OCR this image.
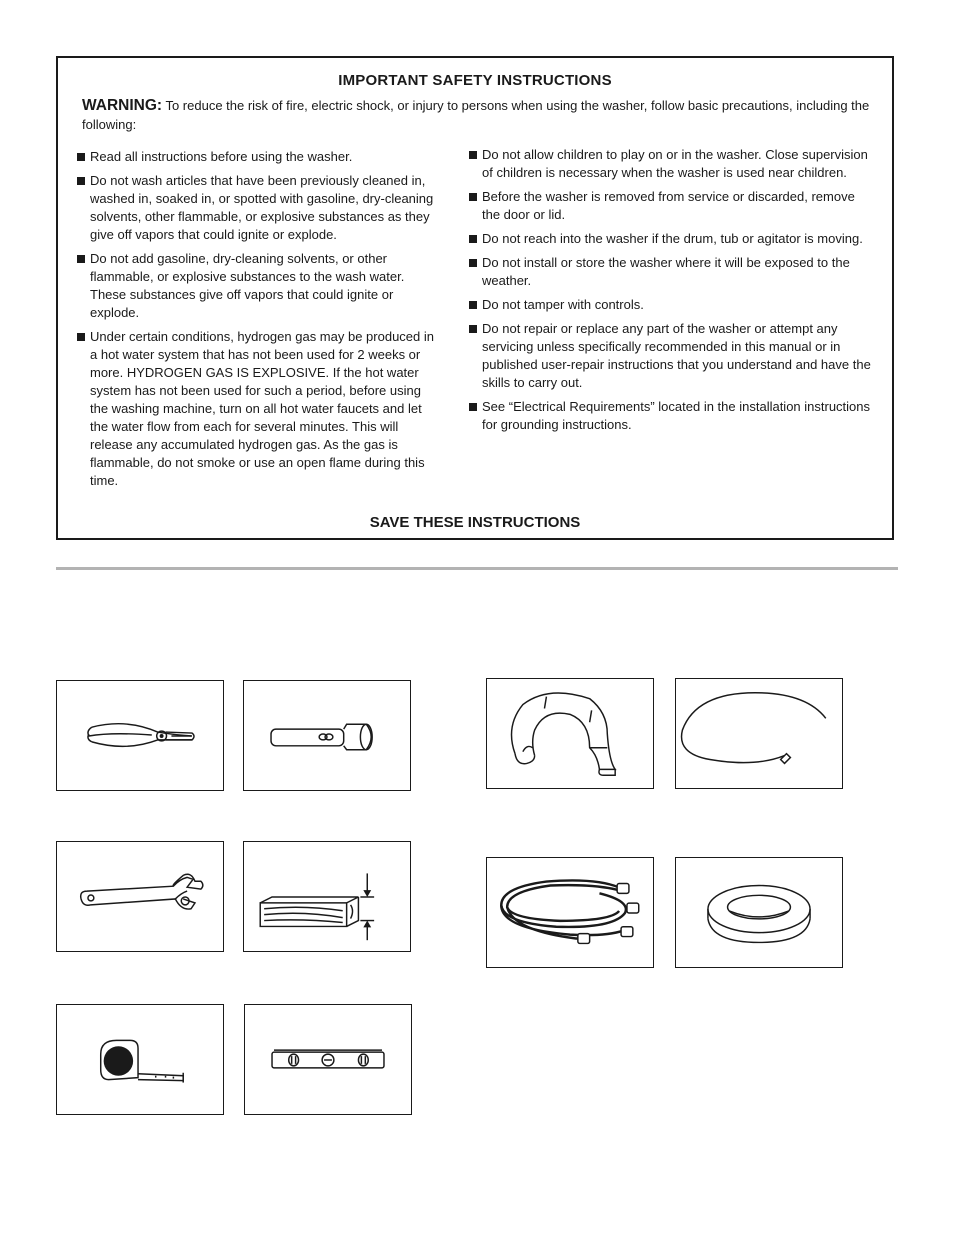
IMPORTANT SAFETY INSTRUCTIONS
WARNING: To reduce the risk of fire, electric shock, or injury to persons when using the washer, follow basic precautions, including the following:
Read all instructions before using the washer.
Do not wash articles that have been previously cleaned in, washed in, soaked in, or spotted with gasoline, dry-cleaning solvents, other flammable, or explosive substances as they give off vapors that could ignite or explode.
Do not add gasoline, dry-cleaning solvents, or other flammable, or explosive substances to the wash water. These substances give off vapors that could ignite or explode.
Under certain conditions, hydrogen gas may be produced in a hot water system that has not been used for 2 weeks or more. HYDROGEN GAS IS EXPLOSIVE. If the hot water system has not been used for such a period, before using the washing machine, turn on all hot water faucets and let the water flow from each for several minutes. This will release any accumulated hydrogen gas. As the gas is flammable, do not smoke or use an open flame during this time.
Do not allow children to play on or in the washer. Close supervision of children is necessary when the washer is used near children.
Before the washer is removed from service or discarded, remove the door or lid.
Do not reach into the washer if the drum, tub or agitator is moving.
Do not install or store the washer where it will be exposed to the weather.
Do not tamper with controls.
Do not repair or replace any part of the washer or attempt any servicing unless specifically recommended in this manual or in published user-repair instructions that you understand and have the skills to carry out.
See “Electrical Requirements” located in the installation instructions for grounding instructions.
SAVE THESE INSTRUCTIONS
